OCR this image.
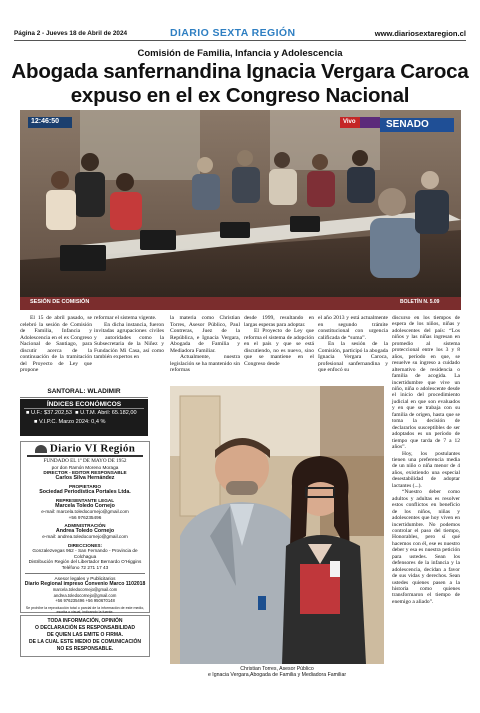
Página 2 - Jueves 18 de Abril de 2024	DIARIO SEXTA REGIÓN	www.diariosextaregion.cl
Comisión de Familia, Infancia y Adolescencia
Abogada sanfernandina Ignacia Vergara Caroca
expuso en el ex Congreso Nacional
12:46:50	Vivo	SENADO
SESIÓN DE COMISIÓN	BOLETÍN N. 5.09

El 15 de abril pasado, se celebró la sesión de Comisión de Familia, Infancia y Adolescencia en el ex Congreso Nacional de Santiago, para discutir acerca de la continuación de la tramitación del Proyecto de Ley que propone

reformar el sistema vigente.

En dicha instancia, fueron invitadas agrupaciones civiles y autoridades como la Subsecretaria de la Niñez y Fundación Mi Casa, así como también expertos en

la materia como Christian Torres, Asesor Público, Paul Contreras, Juez de la República, e Ignacia Vergara, Abogada de Familia y Mediadora Familiar.

Actualmente, nuestra legislación se ha mantenido sin reformas

desde 1999, resultando en largas esperas para adoptar.

El Proyecto de Ley que reforma el sistema de adopción en el país y que se está discutiendo, no es nuevo, sino que se mantiene en el Congreso desde

el año 2013 y está actualmente en segundo trámite constitucional con urgencia calificada de “suma”.

En la sesión de la Comisión, participó la abogada Ignacia Vergara Caroca, profesional sanfernandina y que enfocó su

discurso en los tiempos de espera de los niños, niñas y adolescentes del país: “Los niños y las niñas ingresan en promedio al sistema proteccional entre los 3 y 8 años, período en que, se resuelve su ingreso a cuidado alternativo de residencia o familia de acogida. La incertidumbre que vive un niño, niña o adolescente desde el inicio del procedimiento judicial en que son evaluados y en que se trabaja con su familia de origen, hasta que se toma la decisión de declararlos susceptibles de ser adoptados es un período de tiempo que tarda de 7 a 12 años”.

Hoy, los postulantes tienen una preferencia media de un niño o niña menor de 4 años, existiendo una especial desestabilidad de adoptar lactantes (...).

“Nuestro deber como adultos y adultas es resolver estos conflictos en beneficio de los niños, niñas y adolescentes que hoy viven en incertidumbre. No podemos controlar el paso del tiempo, Honorables, pero sí qué hacemos con él, ese es nuestro deber y esa es nuestra petición para ustedes. Sean los defensores de la infancia y la adolescencia, decidan a favor de sus vidas y derechos. Sean ustedes quienes pasen a la historia como quienes transformaron el tiempo de enemigo a aliado”.

Christian Torres, Asesor Público
e Ignacia Vergara,Abogada de Familia y Mediadora Familiar
SANTORAL: WLADIMIR
ÍNDICES ECONÓMICOS
■ U.F.: $37.202,53  ■ U.T.M. Abril: 65.182,00
■ V.I.P.C. Marzo 2024: 0,4 %
Diario VI Región
FUNDADO EL 1º DE MAYO DE 1952
por don Ramón Moreno Moraga
DIRECTOR - EDITOR RESPONSABLE
Carlos Silva Hernández
PROPIETARIO
Sociedad Periodística Portales Ltda.
REPRESENTANTE LEGAL
Marcela Toledo Cornejo
e-mail: marcela.toledocornejo@gmail.com
+56 976235496
ADMINISTRACIÓN
Andrea Toledo Cornejo
e-mail: andrea.toledocornejo@gmail.com
DIRECCIONES:
Gonzalezvegas 962 - San Fernando - Provincia de Colchagua
Distribución Región del Libertador Bernardo O'Higgins
Teléfono 72 271 17 43
Asesor legales y Publicitarios
Diario Regional impreso Convenio Marco 1102018
marcela.toledocornejo@gmail.com andrea.toledocornejo@gmail.com
+56 976235496 +56 950670148
Se prohíbe la reproducción total o parcial de la información de este medio, escrita o visual, indicando la fuente.
TODA INFORMACIÓN, OPINIÓN
O DECLARACIÓN ES RESPONSABILIDAD
DE QUIEN LAS EMITE O FIRMA.
DE LA CUAL ESTE MEDIO DE COMUNICACIÓN
NO ES RESPONSABLE.
